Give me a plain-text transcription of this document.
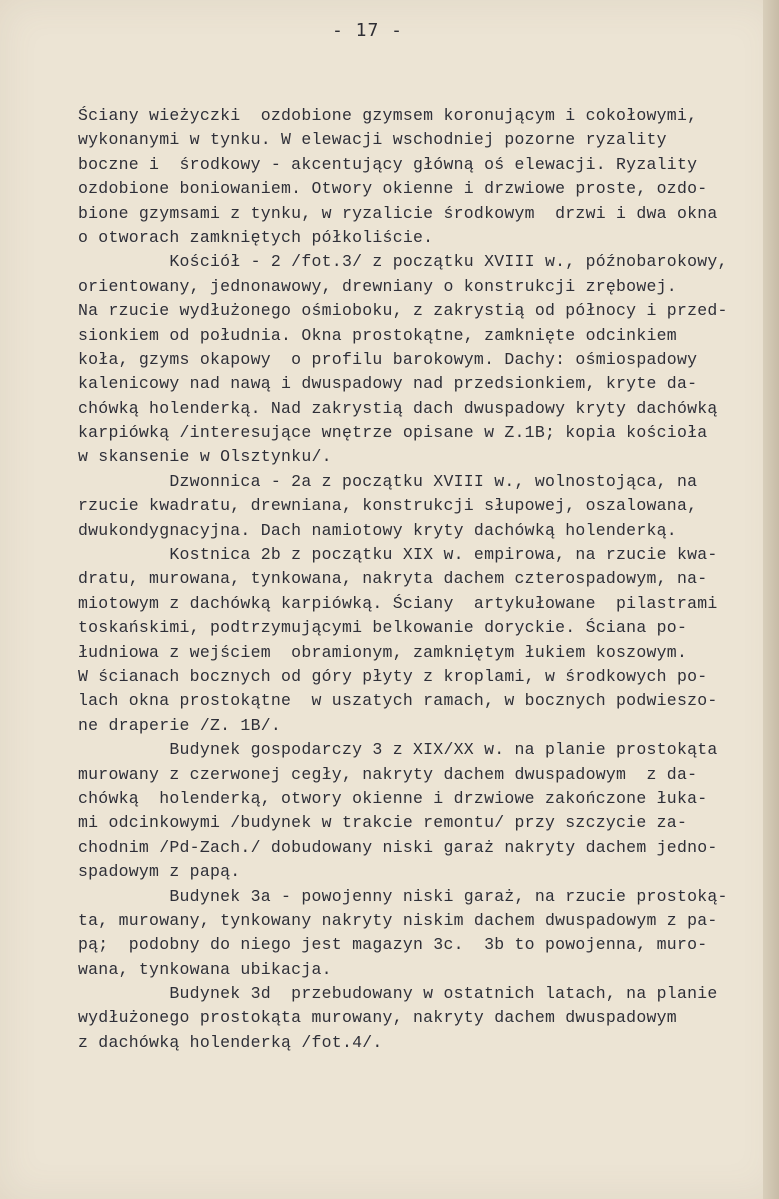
- 17 -
Ściany wieżyczki  ozdobione gzymsem koronującym i cokołowymi,
wykonanymi w tynku. W elewacji wschodniej pozorne ryzality
boczne i  środkowy - akcentujący główną oś elewacji. Ryzality
ozdobione boniowaniem. Otwory okienne i drzwiowe proste, ozdo-
bione gzymsami z tynku, w ryzalicie środkowym  drzwi i dwa okna
o otworach zamkniętych półkoliście.
Kościół - 2 /fot.3/ z początku XVIII w., późnobarokowy,
orientowany, jednonawowy, drewniany o konstrukcji zrębowej.
Na rzucie wydłużonego ośmioboku, z zakrystią od północy i przed-
sionkiem od południa. Okna prostokątne, zamknięte odcinkiem
koła, gzyms okapowy  o profilu barokowym. Dachy: ośmiospadowy
kalenicowy nad nawą i dwuspadowy nad przedsionkiem, kryte da-
chówką holenderką. Nad zakrystią dach dwuspadowy kryty dachówką
karpiówką /interesujące wnętrze opisane w Z.1B; kopia kościoła
w skansenie w Olsztynku/.
Dzwonnica - 2a z początku XVIII w., wolnostojąca, na
rzucie kwadratu, drewniana, konstrukcji słupowej, oszalowana,
dwukondygnacyjna. Dach namiotowy kryty dachówką holenderką.
Kostnica 2b z początku XIX w. empirowa, na rzucie kwa-
dratu, murowana, tynkowana, nakryta dachem czterospadowym, na-
miotowym z dachówką karpiówką. Ściany  artykułowane  pilastrami
toskańskimi, podtrzymującymi belkowanie doryckie. Ściana po-
łudniowa z wejściem  obramionym, zamkniętym łukiem koszowym.
W ścianach bocznych od góry płyty z kroplami, w środkowych po-
lach okna prostokątne  w uszatych ramach, w bocznych podwieszo-
ne draperie /Z. 1B/.
Budynek gospodarczy 3 z XIX/XX w. na planie prostokąta
murowany z czerwonej cegły, nakryty dachem dwuspadowym  z da-
chówką  holenderką, otwory okienne i drzwiowe zakończone łuka-
mi odcinkowymi /budynek w trakcie remontu/ przy szczycie za-
chodnim /Pd-Zach./ dobudowany niski garaż nakryty dachem jedno-
spadowym z papą.
Budynek 3a - powojenny niski garaż, na rzucie prostoką-
ta, murowany, tynkowany nakryty niskim dachem dwuspadowym z pa-
pą;  podobny do niego jest magazyn 3c.  3b to powojenna, muro-
wana, tynkowana ubikacja.
Budynek 3d  przebudowany w ostatnich latach, na planie
wydłużonego prostokąta murowany, nakryty dachem dwuspadowym
z dachówką holenderką /fot.4/.
